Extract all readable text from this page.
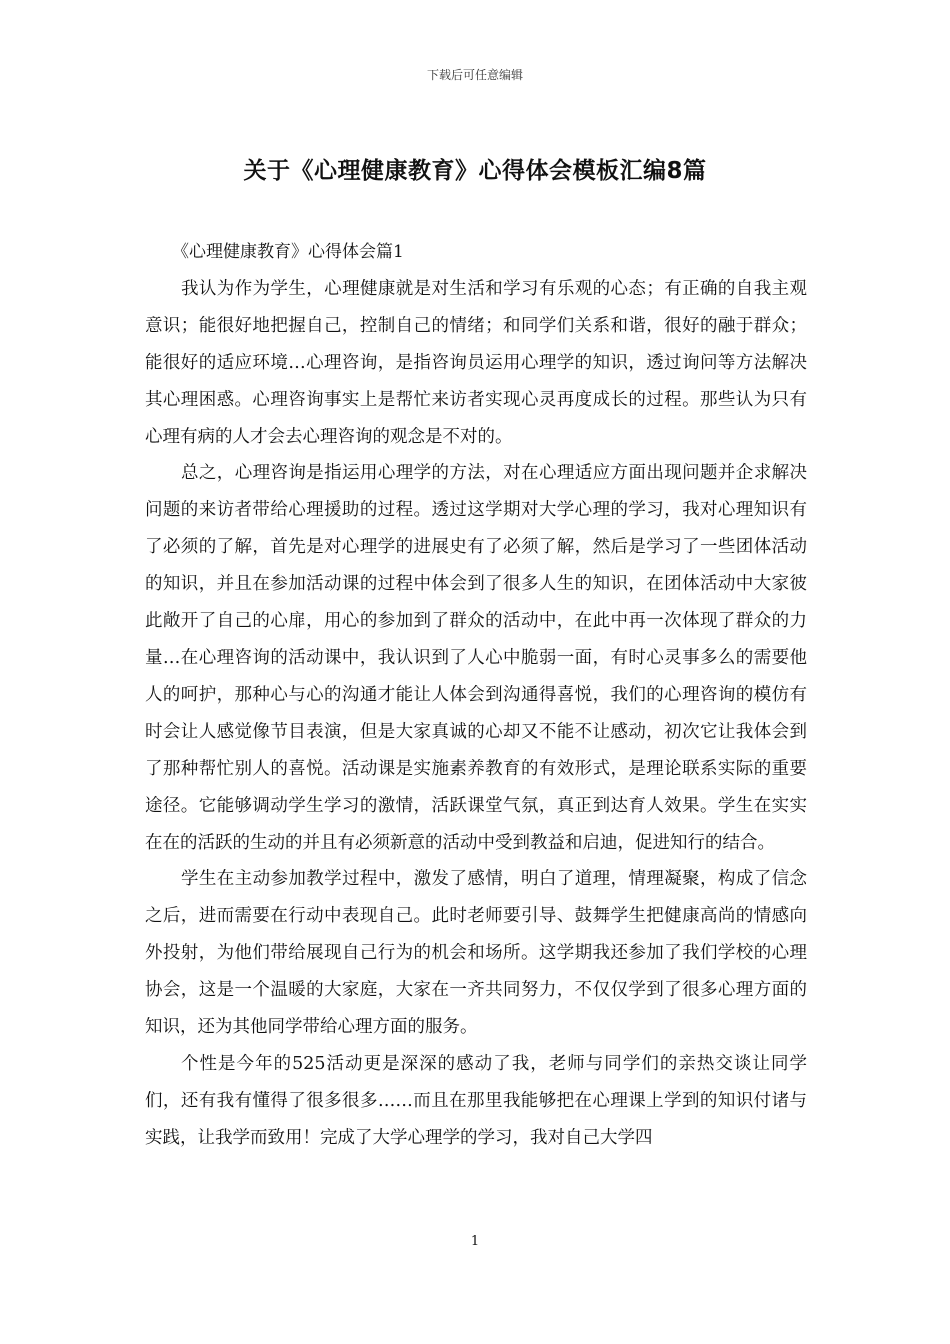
下载后可任意编辑
关于《心理健康教育》心得体会模板汇编8篇

《心理健康教育》心得体会篇1

我认为作为学生，心理健康就是对生活和学习有乐观的心态；有正确的自我主观意识；能很好地把握自己，控制自己的情绪；和同学们关系和谐，很好的融于群众；能很好的适应环境…心理咨询，是指咨询员运用心理学的知识，透过询问等方法解决其心理困惑。心理咨询事实上是帮忙来访者实现心灵再度成长的过程。那些认为只有心理有病的人才会去心理咨询的观念是不对的。

总之，心理咨询是指运用心理学的方法，对在心理适应方面出现问题并企求解决问题的来访者带给心理援助的过程。透过这学期对大学心理的学习，我对心理知识有了必须的了解，首先是对心理学的进展史有了必须了解，然后是学习了一些团体活动的知识，并且在参加活动课的过程中体会到了很多人生的知识，在团体活动中大家彼此敞开了自己的心扉，用心的参加到了群众的活动中，在此中再一次体现了群众的力量…在心理咨询的活动课中，我认识到了人心中脆弱一面，有时心灵事多么的需要他人的呵护，那种心与心的沟通才能让人体会到沟通得喜悦，我们的心理咨询的模仿有时会让人感觉像节目表演，但是大家真诚的心却又不能不让感动，初次它让我体会到了那种帮忙别人的喜悦。活动课是实施素养教育的有效形式，是理论联系实际的重要途径。它能够调动学生学习的激情，活跃课堂气氛，真正到达育人效果。学生在实实在在的活跃的生动的并且有必须新意的活动中受到教益和启迪，促进知行的结合。

学生在主动参加教学过程中，激发了感情，明白了道理，情理凝聚，构成了信念之后，进而需要在行动中表现自己。此时老师要引导、鼓舞学生把健康高尚的情感向外投射，为他们带给展现自己行为的机会和场所。这学期我还参加了我们学校的心理协会，这是一个温暖的大家庭，大家在一齐共同努力，不仅仅学到了很多心理方面的知识，还为其他同学带给心理方面的服务。

个性是今年的525活动更是深深的感动了我，老师与同学们的亲热交谈让同学们，还有我有懂得了很多很多……而且在那里我能够把在心理课上学到的知识付诸与实践，让我学而致用！完成了大学心理学的学习，我对自己大学四

1
